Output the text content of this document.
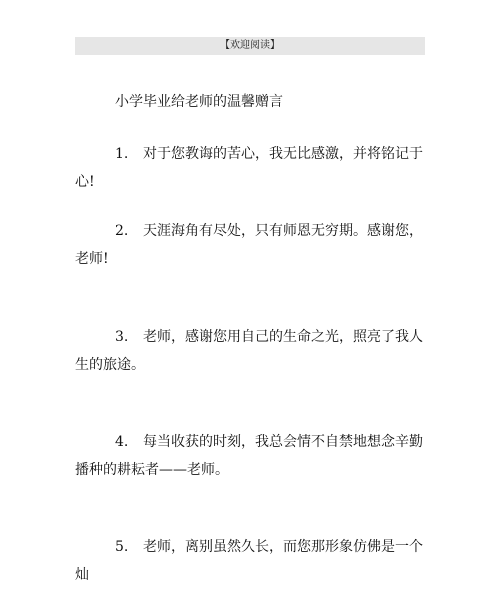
【欢迎阅读】
小学毕业给老师的温馨赠言

1. 对于您教诲的苦心，我无比感激，并将铭记于心!

2. 天涯海角有尽处，只有师恩无穷期。感谢您，老师!

3. 老师，感谢您用自己的生命之光，照亮了我人生的旅途。

4. 每当收获的时刻，我总会情不自禁地想念辛勤播种的耕耘者——老师。

5. 老师，离别虽然久长，而您那形象仿佛是一个灿
